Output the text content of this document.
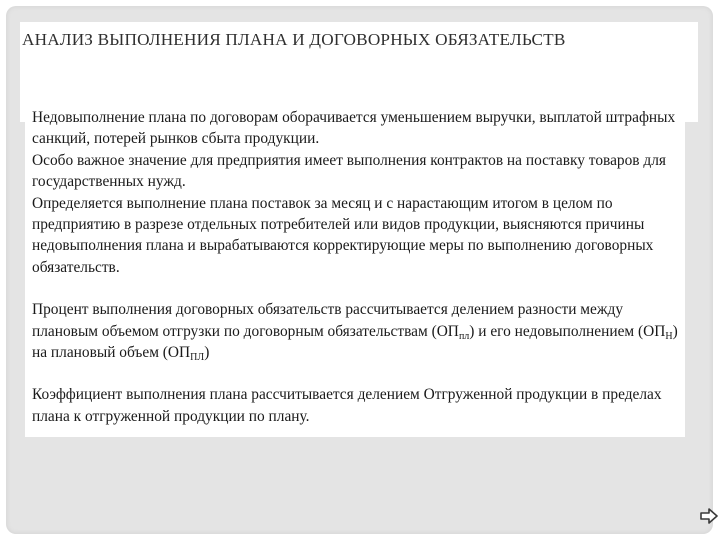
АНАЛИЗ ВЫПОЛНЕНИЯ ПЛАНА И ДОГОВОРНЫХ ОБЯЗАТЕЛЬСТВ

Недовыполнение плана по договорам оборачивается уменьшением выручки, выплатой штрафных санкций, потерей рынков сбыта продукции.

Особо важное значение для предприятия имеет выполнения контрактов на поставку товаров для государственных нужд.

Определяется выполнение плана поставок за месяц и с нарастающим итогом в целом по предприятию в разрезе отдельных потребителей или видов продукции, выясняются причины недовыполнения плана и вырабатываются корректирующие меры по выполнению договорных обязательств.

Процент выполнения договорных обязательств рассчитывается делением разности между плановым объемом отгрузки по договорным обязательствам $(ОП_{пл})$ и его недовыполнением $(ОП_Н)$ на плановый объем $(ОП_{ПЛ})$

Коэффициент выполнения плана рассчитывается делением Отгруженной продукции в пределах плана к отгруженной продукции по плану.
